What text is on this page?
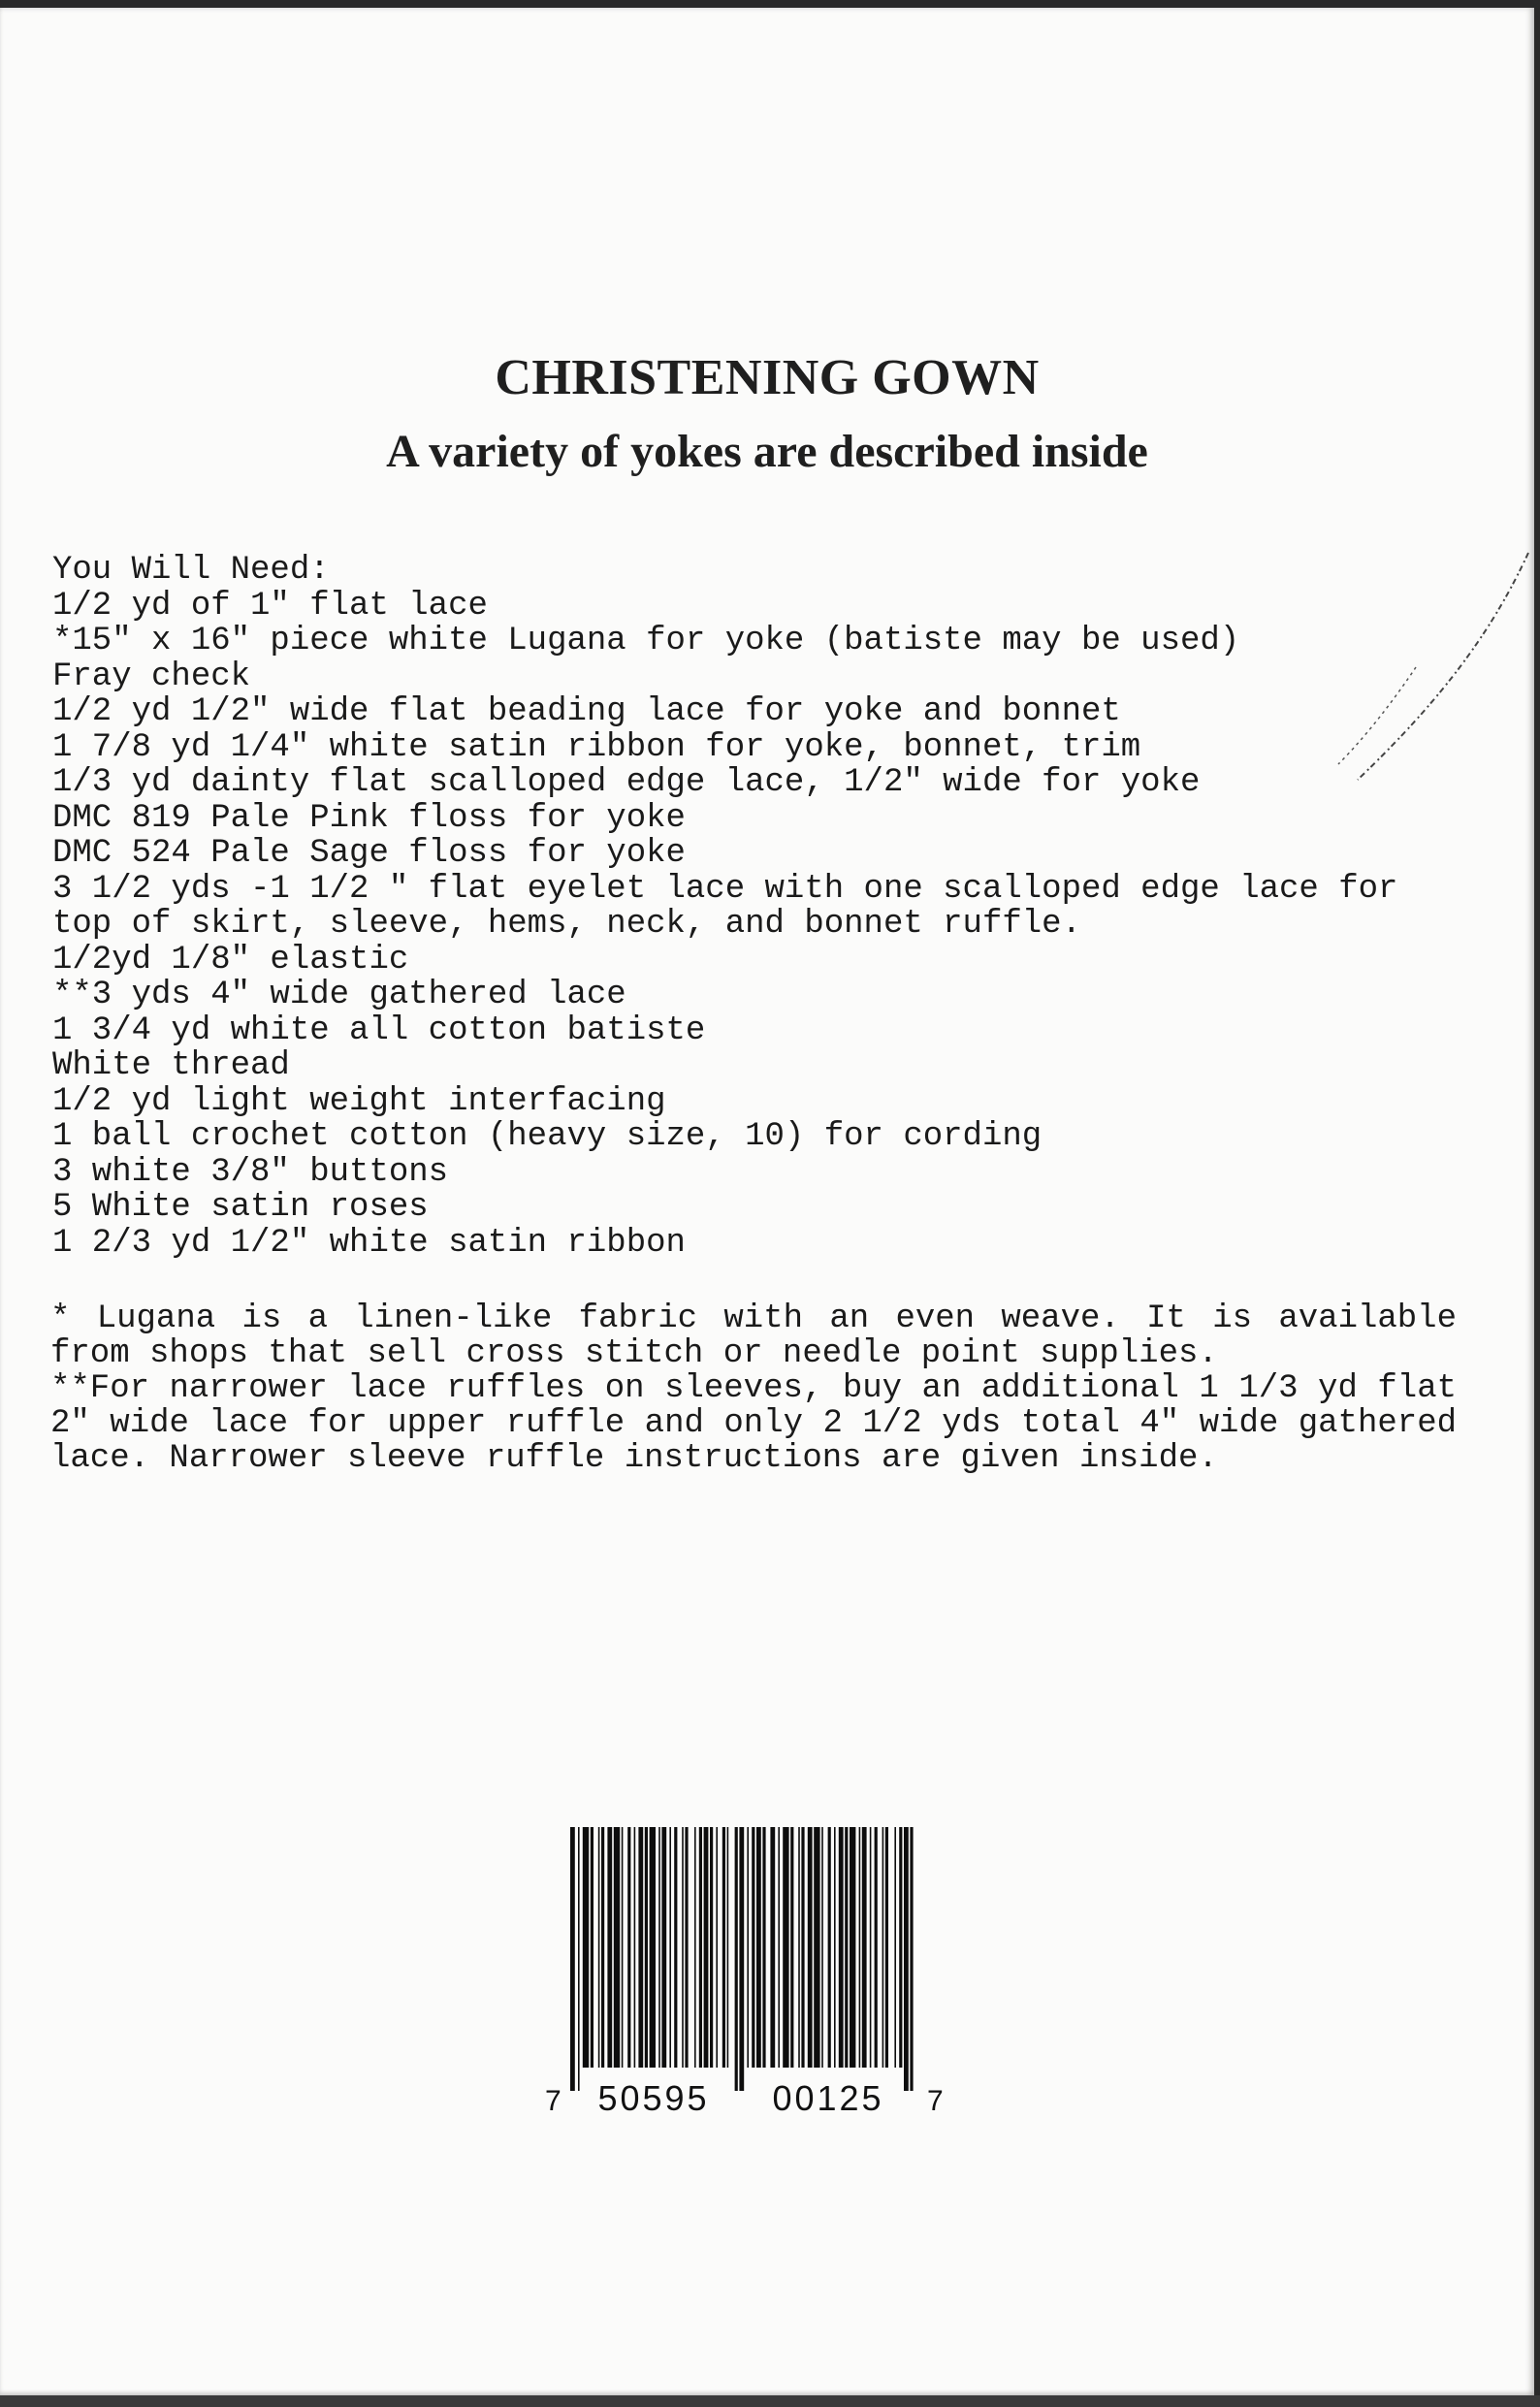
CHRISTENING GOWN
A variety of yokes are described inside
You Will Need:
1/2 yd of 1" flat lace
*15" x 16" piece white Lugana for yoke (batiste may be used)
Fray check
1/2 yd 1/2" wide flat beading lace for yoke and bonnet
1 7/8 yd 1/4" white satin ribbon for yoke, bonnet, trim
1/3 yd dainty flat scalloped edge lace, 1/2" wide for yoke
DMC 819 Pale Pink floss for yoke
DMC 524 Pale Sage floss for yoke
3 1/2 yds -1 1/2 " flat eyelet lace with one scalloped edge lace for top of skirt, sleeve, hems, neck, and bonnet ruffle.
1/2yd 1/8" elastic
**3 yds 4" wide gathered lace
1 3/4 yd white all cotton batiste
White thread
1/2 yd light weight interfacing
1 ball crochet cotton (heavy size, 10) for cording
3 white 3/8" buttons
5 White satin roses
1 2/3 yd 1/2" white satin ribbon

* Lugana is a linen-like fabric with an even weave. It is available from shops that sell cross stitch or needle point supplies.

**For narrower lace ruffles on sleeves, buy an additional 1 1/3 yd flat 2" wide lace for upper ruffle and only 2 1/2 yds total 4" wide gathered lace. Narrower sleeve ruffle instructions are given inside.

7 50595 00125 7
